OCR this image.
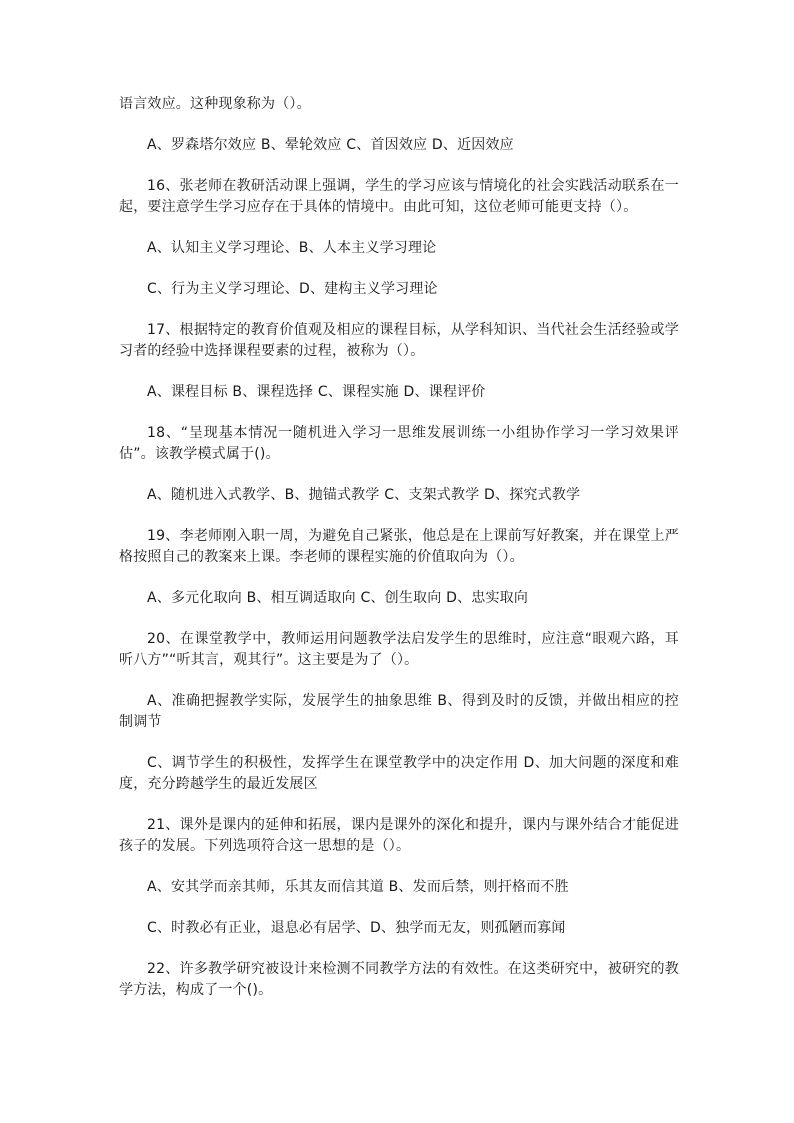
语言效应。这种现象称为（）。

A、罗森塔尔效应 B、晕轮效应 C、首因效应 D、近因效应

16、张老师在教研活动课上强调，学生的学习应该与情境化的社会实践活动联系在一起，要注意学生学习应存在于具体的情境中。由此可知，这位老师可能更支持（）。

A、认知主义学习理论、B、人本主义学习理论

C、行为主义学习理论、D、建构主义学习理论

17、根据特定的教育价值观及相应的课程目标，从学科知识、当代社会生活经验或学习者的经验中选择课程要素的过程，被称为（）。

A、课程目标 B、课程选择 C、课程实施 D、课程评价

18、“呈现基本情况一随机进入学习一思维发展训练一小组协作学习一学习效果评估”。该教学模式属于()。

A、随机进入式教学、B、抛锚式教学 C、支架式教学 D、探究式教学

19、李老师刚入职一周，为避免自己紧张，他总是在上课前写好教案，并在课堂上严格按照自己的教案来上课。李老师的课程实施的价值取向为（）。

A、多元化取向 B、相互调适取向 C、创生取向 D、忠实取向

20、在课堂教学中，教师运用问题教学法启发学生的思维时，应注意“眼观六路，耳听八方”“听其言，观其行”。这主要是为了（）。

A、准确把握教学实际，发展学生的抽象思维 B、得到及时的反馈，并做出相应的控制调节

C、调节学生的积极性，发挥学生在课堂教学中的决定作用 D、加大问题的深度和难度，充分跨越学生的最近发展区

21、课外是课内的延伸和拓展，课内是课外的深化和提升，课内与课外结合才能促进孩子的发展。下列选项符合这一思想的是（）。

A、安其学而亲其师，乐其友而信其道 B、发而后禁，则扞格而不胜

C、时教必有正业，退息必有居学、D、独学而无友，则孤陋而寡闻

22、许多教学研究被设计来检测不同教学方法的有效性。在这类研究中，被研究的教学方法，构成了一个()。
